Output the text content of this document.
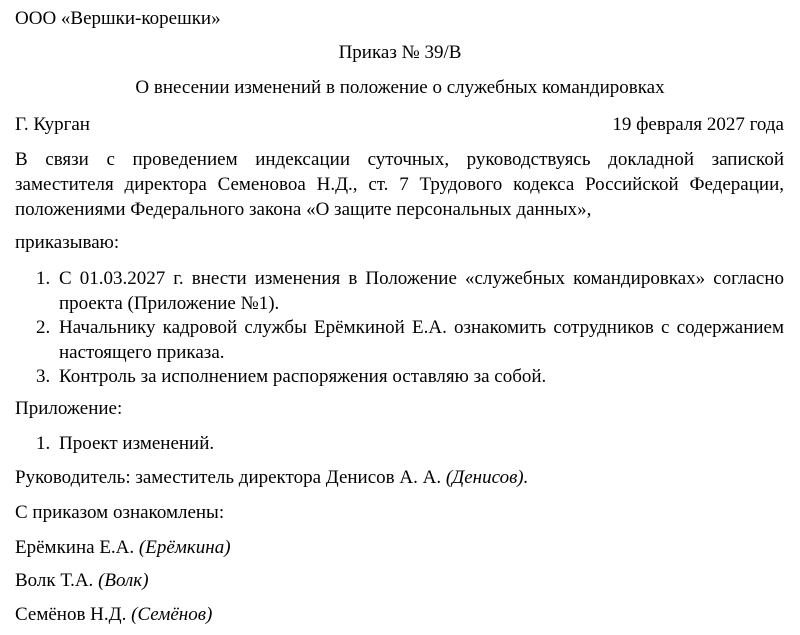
ООО «Вершки-корешки»
Приказ № 39/В
О внесении изменений в положение о служебных командировках
Г. Курган	19 февраля 2027 года
В связи с проведением индексации суточных, руководствуясь докладной запиской заместителя директора Семеновоа Н.Д., ст. 7 Трудового кодекса Российской Федерации, положениями Федерального закона «О защите персональных данных»,
приказываю:
1. С 01.03.2027 г. внести изменения в Положение «служебных командировках» согласно проекта (Приложение №1).
2. Начальнику кадровой службы Ерёмкиной Е.А. ознакомить сотрудников с содержанием настоящего приказа.
3. Контроль за исполнением распоряжения оставляю за собой.
Приложение:
1. Проект изменений.
Руководитель: заместитель директора Денисов А. А. (Денисов).
С приказом ознакомлены:
Ерёмкина Е.А. (Ерёмкина)
Волк Т.А. (Волк)
Семёнов Н.Д. (Семёнов)
